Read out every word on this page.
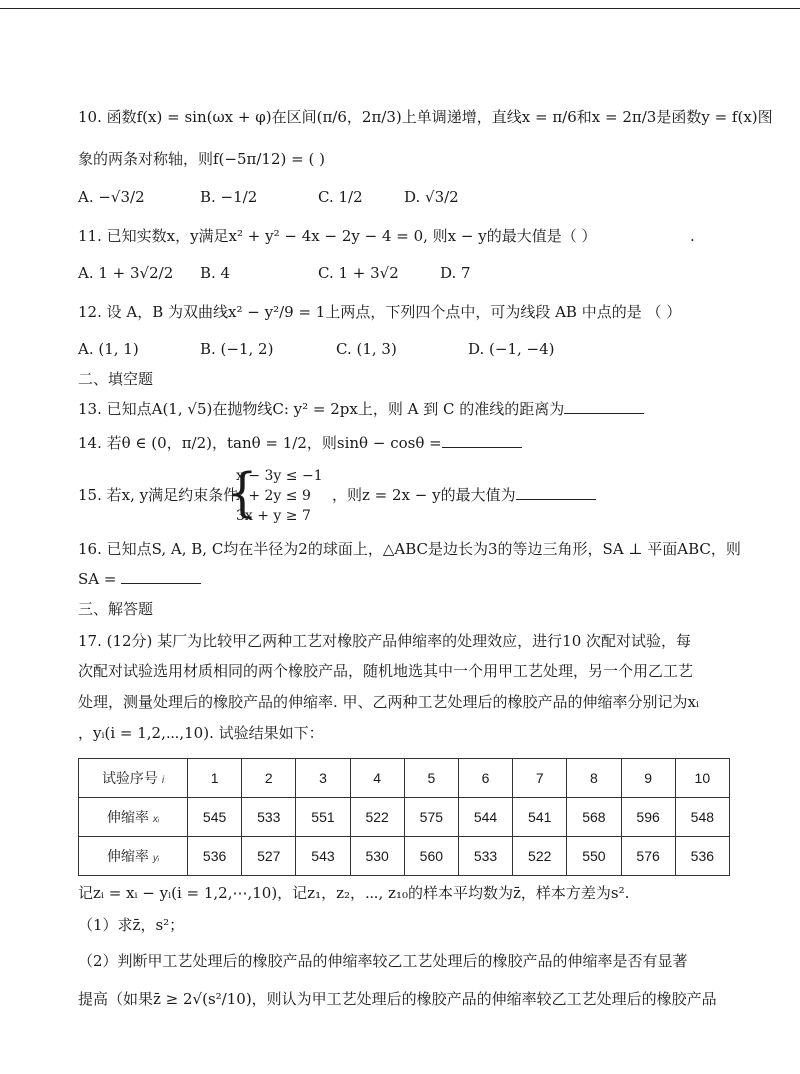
10. 函数f(x) = sin(ωx + φ)在区间(π/6，2π/3)上单调递增，直线x = π/6和x = 2π/3是函数y = f(x)图
象的两条对称轴，则f(−5π/12) = ( )
A. −√3/2	B. −1/2	C. 1/2	D. √3/2
11. 已知实数x，y满足x² + y² − 4x − 2y − 4 = 0, 则x − y的最大值是（ ）	.
A. 1 + 3√2/2 B. 4	C. 1 + 3√2	D. 7
12. 设 A，B 为双曲线x² − y²/9 = 1上两点，下列四个点中，可为线段 AB 中点的是 （ ）
A. (1, 1)	B. (−1, 2)	C. (1, 3)	D. (−1, −4)
二、填空题
13. 已知点A(1, √5)在抛物线C: y² = 2px上，则 A 到 C 的准线的距离为
14. 若θ ∈ (0，π/2)，tanθ = 1/2，则sinθ − cosθ =
15. 若x, y满足约束条件
{
x − 3y ≤ −1
x + 2y ≤ 9
3x + y ≥ 7
，则z = 2x − y的最大值为
16. 已知点S, A, B, C均在半径为2的球面上，△ABC是边长为3的等边三角形，SA ⊥ 平面ABC，则
SA =
三、解答题
17. (12分) 某厂为比较甲乙两种工艺对橡胶产品伸缩率的处理效应，进行10 次配对试验，每
次配对试验选用材质相同的两个橡胶产品，随机地选其中一个用甲工艺处理，另一个用乙工艺
处理，测量处理后的橡胶产品的伸缩率. 甲、乙两种工艺处理后的橡胶产品的伸缩率分别记为xᵢ
，yᵢ(i = 1,2,⋯,10). 试验结果如下：
试验序号 i	1	2	3	4	5	6	7	8	9	10
伸缩率 xᵢ	545	533	551	522	575	544	541	568	596	548
伸缩率 yᵢ	536	527	543	530	560	533	522	550	576	536
记zᵢ = xᵢ − yᵢ(i = 1,2,⋯,10)，记z₁，z₂，⋯, z₁₀的样本平均数为z̄，样本方差为s².
（1）求z̄，s²；
（2）判断甲工艺处理后的橡胶产品的伸缩率较乙工艺处理后的橡胶产品的伸缩率是否有显著
提高（如果z̄ ≥ 2√(s²/10)，则认为甲工艺处理后的橡胶产品的伸缩率较乙工艺处理后的橡胶产品
